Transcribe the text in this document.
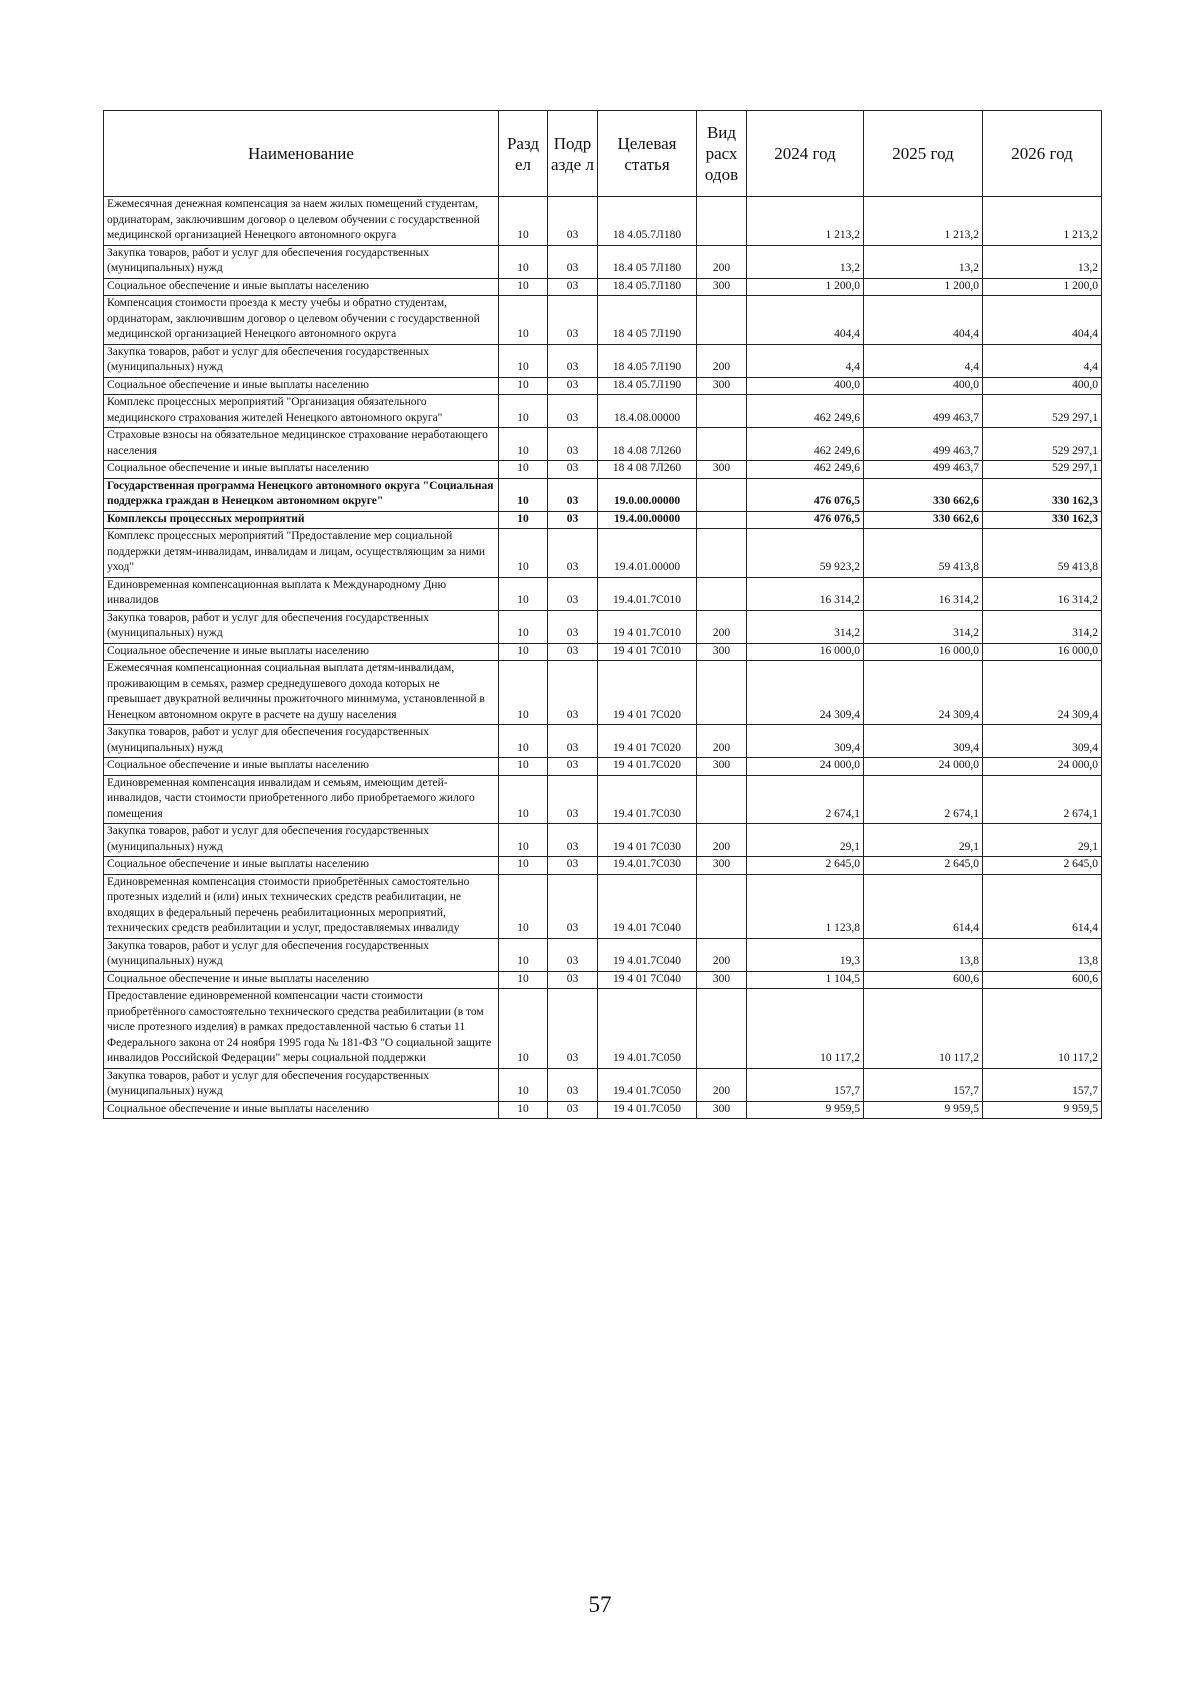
Наименование	Разд ел	Подр азде л	Целевая статья	Вид расх одов	2024 год	2025 год	2026 год
Ежемесячная денежная компенсация за наем жилых помещений студентам, ординаторам, заключившим договор о целевом обучении с государственной медицинской организацией Ненецкого автономного округа	10	03	18 4.05.7Л180		1 213,2	1 213,2	1 213,2
Закупка товаров, работ и услуг для обеспечения государственных (муниципальных) нужд	10	03	18.4 05 7Л180	200	13,2	13,2	13,2
Социальное обеспечение и иные выплаты населению	10	03	18.4 05.7Л180	300	1 200,0	1 200,0	1 200,0
Компенсация стоимости проезда к месту учебы и обратно студентам, ординаторам, заключившим договор о целевом обучении с государственной медицинской организацией Ненецкого автономного округа	10	03	18 4 05 7Л190		404,4	404,4	404,4
Закупка товаров, работ и услуг для обеспечения государственных (муниципальных) нужд	10	03	18 4.05 7Л190	200	4,4	4,4	4,4
Социальное обеспечение и иные выплаты населению	10	03	18.4 05.7Л190	300	400,0	400,0	400,0
Комплекс процессных мероприятий "Организация обязательного медицинского страхования жителей Ненецкого автономного округа"	10	03	18.4.08.00000		462 249,6	499 463,7	529 297,1
Страховые взносы на обязательное медицинское страхование неработающего населения	10	03	18 4.08 7Л260		462 249,6	499 463,7	529 297,1
Социальное обеспечение и иные выплаты населению	10	03	18 4 08 7Л260	300	462 249,6	499 463,7	529 297,1
Государственная программа Ненецкого автономного округа "Социальная поддержка граждан в Ненецком автономном округе"	10	03	19.0.00.00000		476 076,5	330 662,6	330 162,3
Комплексы процессных мероприятий	10	03	19.4.00.00000		476 076,5	330 662,6	330 162,3
Комплекс процессных мероприятий "Предоставление мер социальной поддержки детям-инвалидам, инвалидам и лицам, осуществляющим за ними уход"	10	03	19.4.01.00000		59 923,2	59 413,8	59 413,8
Единовременная компенсационная выплата к Международному Дню инвалидов	10	03	19.4.01.7С010		16 314,2	16 314,2	16 314,2
Закупка товаров, работ и услуг для обеспечения государственных (муниципальных) нужд	10	03	19 4 01.7С010	200	314,2	314,2	314,2
Социальное обеспечение и иные выплаты населению	10	03	19 4 01 7С010	300	16 000,0	16 000,0	16 000,0
Ежемесячная компенсационная социальная выплата детям-инвалидам, проживающим в семьях, размер среднедушевого дохода которых не превышает двукратной величины прожиточного минимума, установленной в Ненецком автономном округе в расчете на душу населения	10	03	19 4 01 7С020		24 309,4	24 309,4	24 309,4
Закупка товаров, работ и услуг для обеспечения государственных (муниципальных) нужд	10	03	19 4 01 7С020	200	309,4	309,4	309,4
Социальное обеспечение и иные выплаты населению	10	03	19 4 01.7С020	300	24 000,0	24 000,0	24 000,0
Единовременная компенсация инвалидам и семьям, имеющим детей-инвалидов, части стоимости приобретенного либо приобретаемого жилого помещения	10	03	19.4 01.7С030		2 674,1	2 674,1	2 674,1
Закупка товаров, работ и услуг для обеспечения государственных (муниципальных) нужд	10	03	19 4 01 7С030	200	29,1	29,1	29,1
Социальное обеспечение и иные выплаты населению	10	03	19.4.01.7С030	300	2 645,0	2 645,0	2 645,0
Единовременная компенсация стоимости приобретённых самостоятельно протезных изделий и (или) иных технических средств реабилитации, не входящих в федеральный перечень реабилитационных мероприятий, технических средств реабилитации и услуг, предоставляемых инвалиду	10	03	19 4.01 7С040		1 123,8	614,4	614,4
Закупка товаров, работ и услуг для обеспечения государственных (муниципальных) нужд	10	03	19 4.01.7С040	200	19,3	13,8	13,8
Социальное обеспечение и иные выплаты населению	10	03	19 4 01 7С040	300	1 104,5	600,6	600,6
Предоставление единовременной компенсации части стоимости приобретённого самостоятельно технического средства реабилитации (в том числе протезного изделия) в рамках предоставленной частью 6 статьи 11 Федерального закона от 24 ноября 1995 года № 181-ФЗ "О социальной защите инвалидов Российской Федерации" меры социальной поддержки	10	03	19 4.01.7С050		10 117,2	10 117,2	10 117,2
Закупка товаров, работ и услуг для обеспечения государственных (муниципальных) нужд	10	03	19.4 01.7С050	200	157,7	157,7	157,7
Социальное обеспечение и иные выплаты населению	10	03	19 4 01.7С050	300	9 959,5	9 959,5	9 959,5
57
